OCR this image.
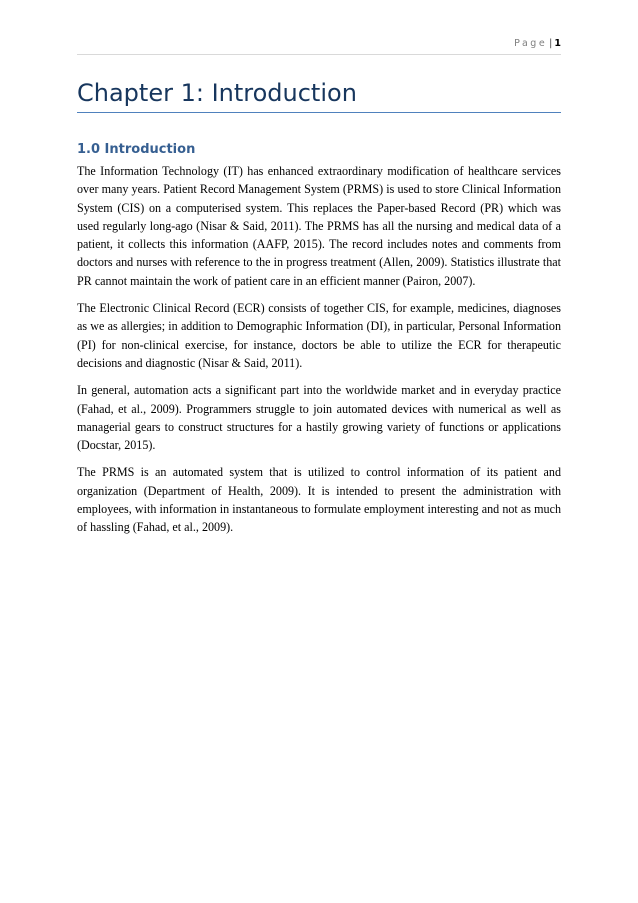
Page | 1
Chapter 1: Introduction
1.0 Introduction

The Information Technology (IT) has enhanced extraordinary modification of healthcare services over many years. Patient Record Management System (PRMS) is used to store Clinical Information System (CIS) on a computerised system. This replaces the Paper-based Record (PR) which was used regularly long-ago (Nisar & Said, 2011). The PRMS has all the nursing and medical data of a patient, it collects this information (AAFP, 2015). The record includes notes and comments from doctors and nurses with reference to the in progress treatment (Allen, 2009). Statistics illustrate that PR cannot maintain the work of patient care in an efficient manner (Pairon, 2007).

The Electronic Clinical Record (ECR) consists of together CIS, for example, medicines, diagnoses as we as allergies; in addition to Demographic Information (DI), in particular, Personal Information (PI) for non-clinical exercise, for instance, doctors be able to utilize the ECR for therapeutic decisions and diagnostic (Nisar & Said, 2011).

In general, automation acts a significant part into the worldwide market and in everyday practice (Fahad, et al., 2009). Programmers struggle to join automated devices with numerical as well as managerial gears to construct structures for a hastily growing variety of functions or applications (Docstar, 2015).

The PRMS is an automated system that is utilized to control information of its patient and organization (Department of Health, 2009). It is intended to present the administration with employees, with information in instantaneous to formulate employment interesting and not as much of hassling (Fahad, et al., 2009).
